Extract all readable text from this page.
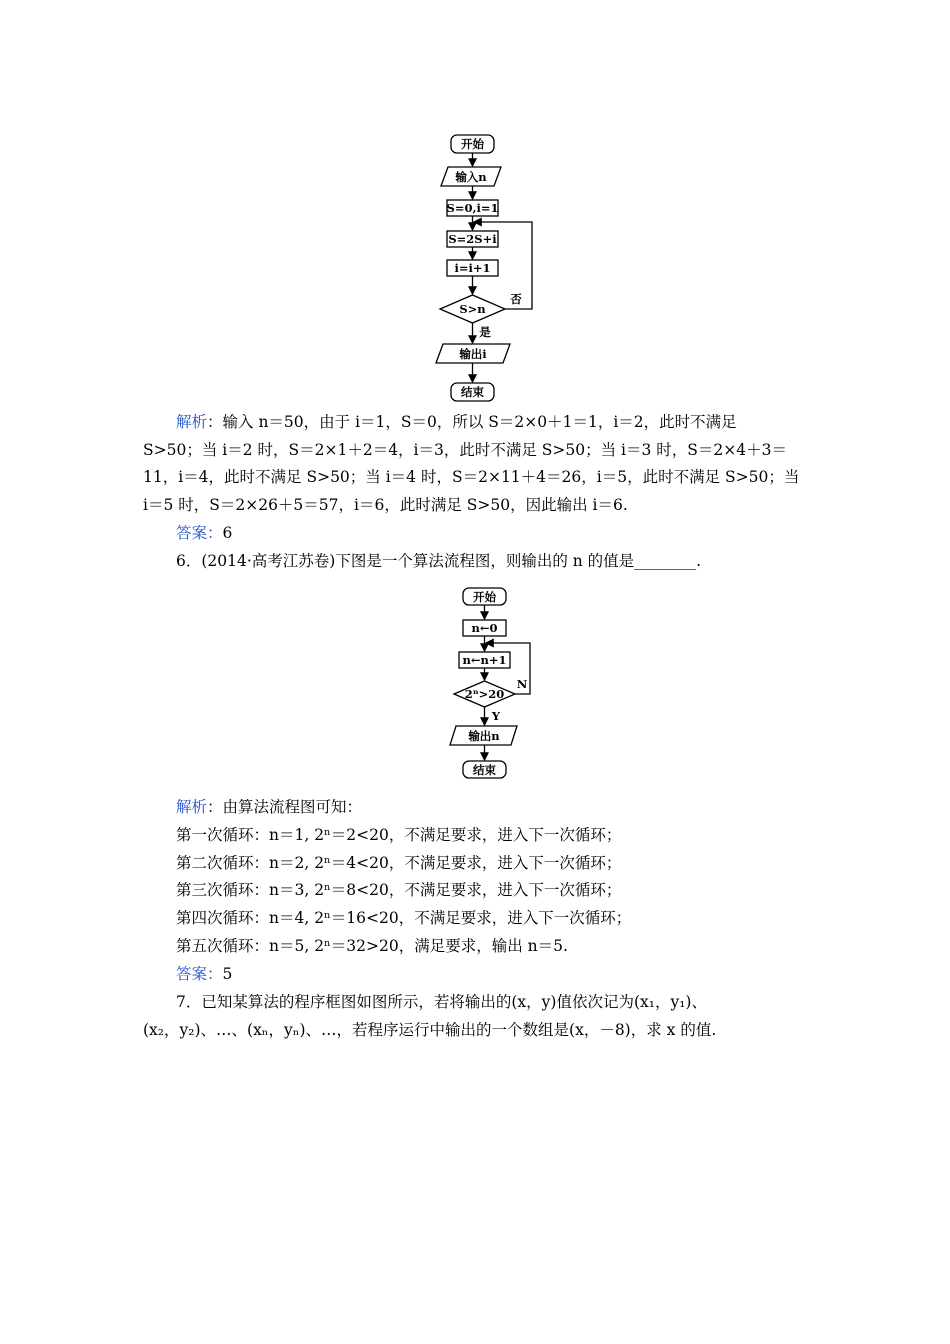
开始
输入n
S=0,i=1
S=2S+i
i=i+1
S>n
否
是
输出i
结束
解析：输入 n＝50，由于 i＝1，S＝0，所以 S＝2×0＋1＝1，i＝2，此时不满足
S>50；当 i＝2 时，S＝2×1＋2＝4，i＝3，此时不满足 S>50；当 i＝3 时，S＝2×4＋3＝
11，i＝4，此时不满足 S>50；当 i＝4 时，S＝2×11＋4＝26，i＝5，此时不满足 S>50；当
i＝5 时，S＝2×26＋5＝57，i＝6，此时满足 S>50，因此输出 i＝6.
答案：6
6．(2014·高考江苏卷)下图是一个算法流程图，则输出的 n 的值是________.
开始
n←0
n←n+1
2ⁿ>20
N
Y
输出n
结束
解析：由算法流程图可知：
第一次循环：n＝1, 2ⁿ＝2<20，不满足要求，进入下一次循环；
第二次循环：n＝2, 2ⁿ＝4<20，不满足要求，进入下一次循环；
第三次循环：n＝3, 2ⁿ＝8<20，不满足要求，进入下一次循环；
第四次循环：n＝4, 2ⁿ＝16<20，不满足要求，进入下一次循环；
第五次循环：n＝5, 2ⁿ＝32>20，满足要求，输出 n＝5.
答案：5
7．已知某算法的程序框图如图所示，若将输出的(x，y)值依次记为(x₁，y₁)、
(x₂，y₂)、…、(xₙ，yₙ)、…，若程序运行中输出的一个数组是(x，－8)，求 x 的值.
